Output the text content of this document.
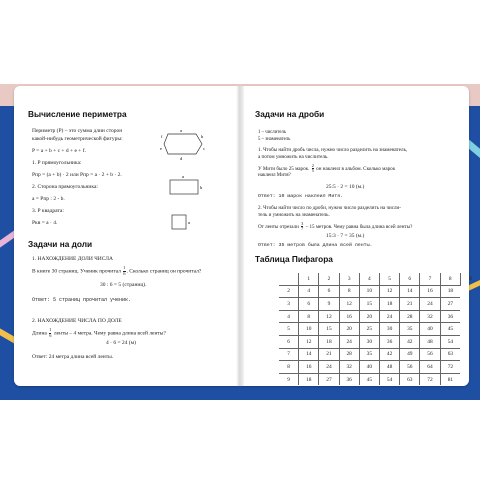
Вычисление периметра
Периметр (Р) – это сумма длин сторон
какой-нибудь геометрической фигуры:
P = a + b + c + d + e + f.
1. Р прямоугольника:
Pпр = (a + b) · 2 или Pпр = a · 2 + b · 2.
2. Сторона прямоугольника:
a = Pпр : 2 - b.
3. Р квадрата:
Pкв = a · 4.
a
b
c
d
e
f
a
b
a
Задачи на доли
1. НАХОЖДЕНИЕ ДОЛИ ЧИСЛА
В книге 30 страниц. Ученик прочитал $\frac{1}{6}$ . Сколько страниц он прочитал?
30 : 6 = 5 (страниц).
Ответ: 5 страниц прочитал ученик.
2. НАХОЖДЕНИЕ ЧИСЛА ПО ДОЛЕ
Длина $\frac{1}{6}$ ленты – 4 метра. Чему равна длина всей ленты?
4 · 6 = 24 (м)
Ответ: 24 метра длина всей ленты.
Задачи на дроби
1 – числитель
5 – знаменатель
1. Чтобы найти дробь числа, нужно число разделить на знаменатель,
а потом умножить на числитель.
У Мити было 25 марок. $\frac{2}{5}$ он наклеил в альбом. Сколько марок
наклеил Митя?
25:5 · 2 = 10 (м.)
Ответ: 10 марок наклеил Митя.
2. Чтобы найти число по дроби, нужно число разделить на числи-
тель и умножить на знаменатель.
От ленты отрезали $\frac{3}{7} - 15$ метров. Чему равна была длина всей ленты?
15:3 · 7 = 35 (м.)
Ответ: 35 метров была длина всей ленты.
Таблица Пифагора
	1	2	3	4	5	6	7	8	9
2	4	6	8	10	12	14	16	18	
3	6	9	12	15	18	21	24	27	
4	8	12	16	20	24	28	32	36	
5	10	15	20	25	30	35	40	45	
6	12	18	24	30	36	42	48	54	
7	14	21	28	35	42	49	56	63	
8	16	24	32	40	48	56	64	72	
9	18	27	36	45	54	63	72	81	
